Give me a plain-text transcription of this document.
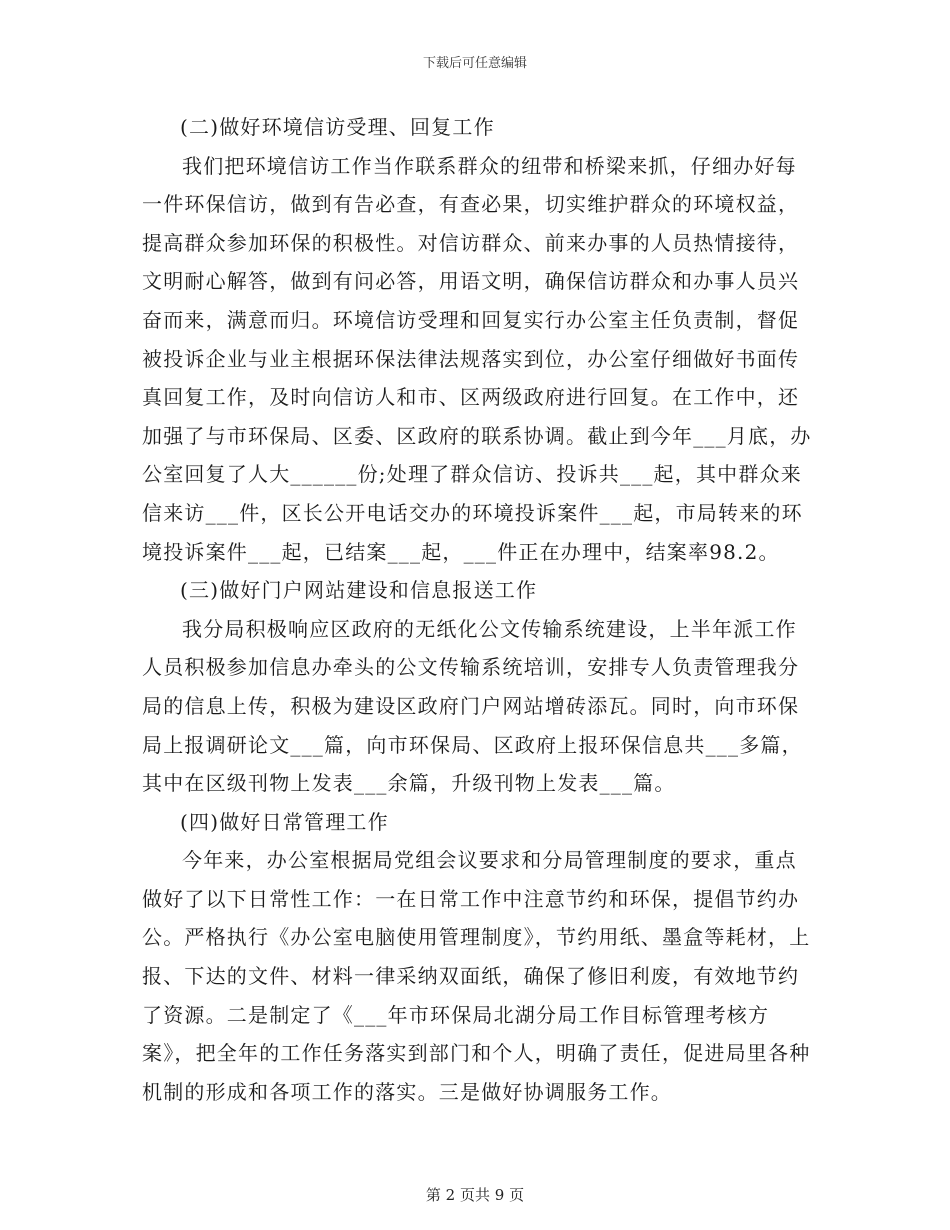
下载后可任意编辑

(二)做好环境信访受理、回复工作

我们把环境信访工作当作联系群众的纽带和桥梁来抓，仔细办好每一件环保信访，做到有告必查，有查必果，切实维护群众的环境权益，提高群众参加环保的积极性。对信访群众、前来办事的人员热情接待，文明耐心解答，做到有问必答，用语文明，确保信访群众和办事人员兴奋而来，满意而归。环境信访受理和回复实行办公室主任负责制，督促被投诉企业与业主根据环保法律法规落实到位，办公室仔细做好书面传真回复工作，及时向信访人和市、区两级政府进行回复。在工作中，还加强了与市环保局、区委、区政府的联系协调。截止到今年___月底，办公室回复了人大______份;处理了群众信访、投诉共___起，其中群众来信来访___件，区长公开电话交办的环境投诉案件___起，市局转来的环境投诉案件___起，已结案___起，___件正在办理中，结案率98.2。

(三)做好门户网站建设和信息报送工作

我分局积极响应区政府的无纸化公文传输系统建设，上半年派工作人员积极参加信息办牵头的公文传输系统培训，安排专人负责管理我分局的信息上传，积极为建设区政府门户网站增砖添瓦。同时，向市环保局上报调研论文___篇，向市环保局、区政府上报环保信息共___多篇，其中在区级刊物上发表___余篇，升级刊物上发表___篇。

(四)做好日常管理工作

今年来，办公室根据局党组会议要求和分局管理制度的要求，重点做好了以下日常性工作：一在日常工作中注意节约和环保，提倡节约办公。严格执行《办公室电脑使用管理制度》，节约用纸、墨盒等耗材，上报、下达的文件、材料一律采纳双面纸，确保了修旧利废，有效地节约了资源。二是制定了《___年市环保局北湖分局工作目标管理考核方案》，把全年的工作任务落实到部门和个人，明确了责任，促进局里各种机制的形成和各项工作的落实。三是做好协调服务工作。

第 2 页共 9 页
